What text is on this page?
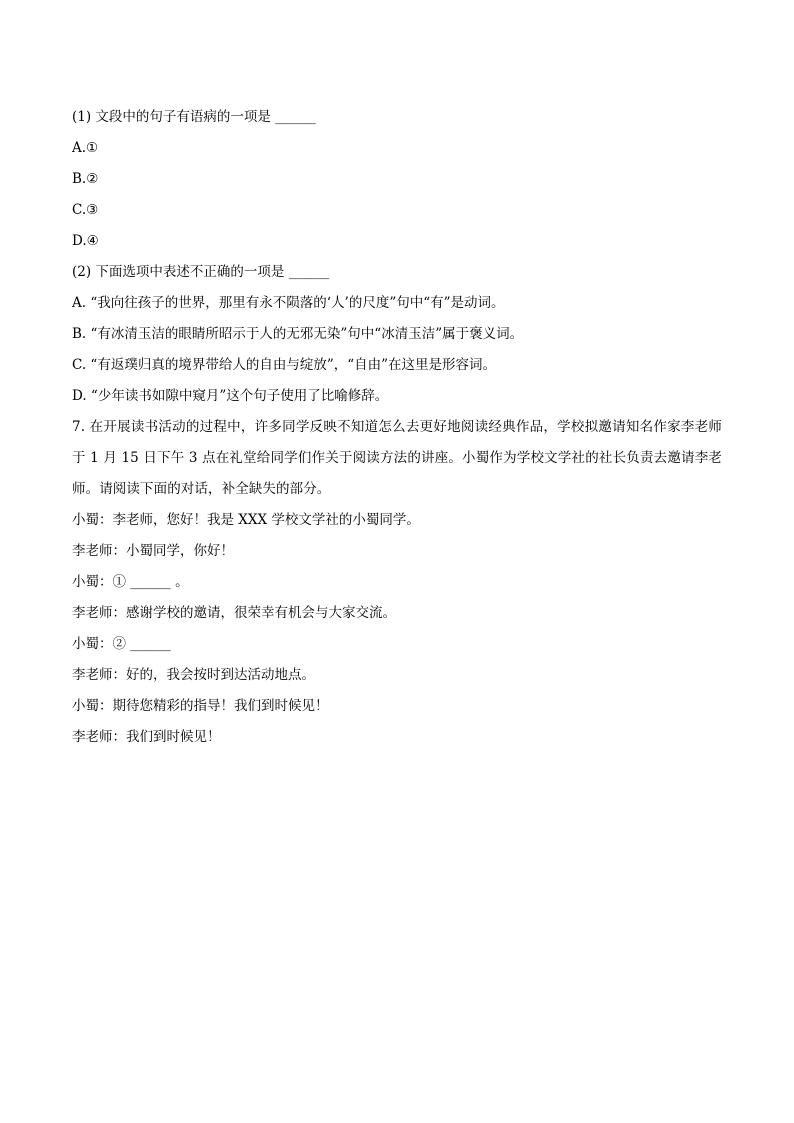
(1) 文段中的句子有语病的一项是 ______
A.①
B.②
C.③
D.④
(2) 下面选项中表述不正确的一项是 ______
A. “我向往孩子的世界，那里有永不陨落的‘人’的尺度”句中“有”是动词。
B. “有冰清玉洁的眼睛所昭示于人的无邪无染”句中“冰清玉洁”属于褒义词。
C. “有返璞归真的境界带给人的自由与绽放”，“自由”在这里是形容词。
D. “少年读书如隙中窥月”这个句子使用了比喻修辞。
7. 在开展读书活动的过程中，许多同学反映不知道怎么去更好地阅读经典作品，学校拟邀请知名作家李老师于 1 月 15 日下午 3 点在礼堂给同学们作关于阅读方法的讲座。小蜀作为学校文学社的社长负责去邀请李老师。请阅读下面的对话，补全缺失的部分。
小蜀：李老师，您好！我是 XXX 学校文学社的小蜀同学。
李老师：小蜀同学，你好！
小蜀：① ______ 。
李老师：感谢学校的邀请，很荣幸有机会与大家交流。
小蜀：② ______
李老师：好的，我会按时到达活动地点。
小蜀：期待您精彩的指导！我们到时候见！
李老师：我们到时候见！
